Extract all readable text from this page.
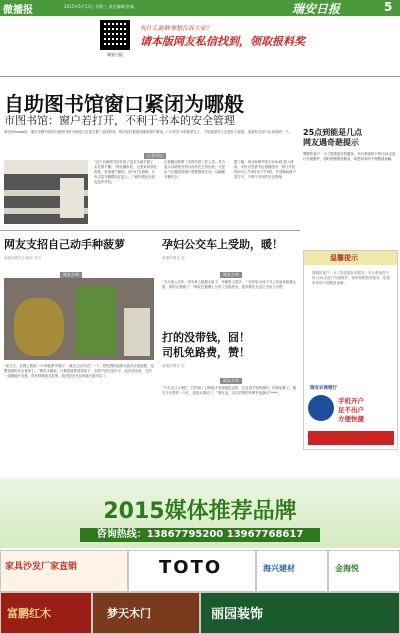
微播报	2015年5月13日 星期三 责任编辑/金诚	瑞安日报	5
瑞安日报
有什么新鲜事想告诉大家？
请本版网友私信找到，领取报料奖
自助图书馆窗口紧闭为哪般
市图书馆：窗户若打开，不利于书本的安全管理
@市民forest说：瑞安市图书馆的自助图书馆为何窗口总是关着？前段时间，每次经过都看到那里窗户紧闭，门口的打卡机都蒙尘了，不知道是坏了还是什么原因，希望有关部门出来说明一下。
记者采访
“这个自助图书馆开放了没多久就关窗了，实在看不懂。”网友爆料后，记者来到该处查看，发现窗户紧闭，室内灯光昏暗，只有少量书籍摆放在架上，门前的借还书机也没有开机。
记者随后联系了市图书馆工作人员，对方表示自助图书馆目前仍在正常运营，只是由于位置原因窗户需要保持关闭，以确保书籍安全。
据了解，该自助图书馆于2014年投入使用，市民可凭借书证借阅图书，每日开放时间为上午9时至下午5时，开放期间窗户若打开，不利于书本的安全管理。
网友支招自己动手种菠萝
@新浪网友小瑞说 共享
网友分享
“前几天，在网上看到一个‘种菠萝’的帖子，就自己动手试了一下，把吃剩的菠萝头放在水里泡着，没想到真的长出根来了。”网友小瑞说，只要把菠萝顶部切下，去掉下面几层叶子，泡在清水里，大约一周就能长出根，然后移栽到花盆里，放在阳光充足的地方就可以了。
孕妇公交车上受助，暖！
@瑞安网友 说
网友分享
“今天坐公交车，因为身上挺着大肚子，车厢里人很多，一位年轻小伙子马上站起来给我让座，真的太感谢了！”网友在微博上分享了这段经历，很多网友为这位小伙子点赞。
打的没带钱，囧！
司机免路费，赞！
@瑞安网友 说
网友分享
“今天出门太匆忙，打的到了目的地才发现钱包没带，正急得不知所措时，的哥说算了，就当今天帮你一个忙，真是太感动了。”网友说，这位的哥的车牌号是浙C·T****。
25点到能是几点
网友遇奇葩提示
尊敬的客户：为了提供更好的服务，本行系统将于每日25点进行升级维护，届时网银暂停服务，给您带来的不便敬请谅解。
温馨提示
尊敬的客户：为了提供更好的服务，本行系统将于每日25点进行升级维护，届时网银暂停服务，给您带来的不便敬请谅解。
瑞安农商银行
手机开户
足不出户
方便快捷
2015媒体推荐品牌
咨询热线：13867795200 13967768617
家具沙发厂家直销	TOTO	海兴建材	金海悦
富鹏红木	梦天木门	丽园装饰
